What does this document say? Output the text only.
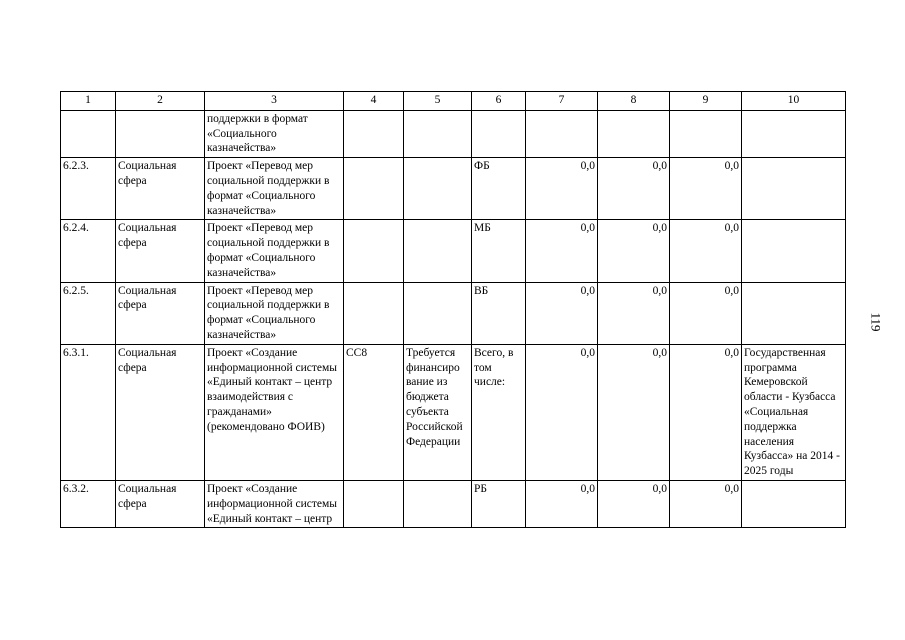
1	2	3	4	5	6	7	8	9	10
		поддержки в формат «Социального казначейства»							
6.2.3.	Социальная сфера	Проект «Перевод мер социальной поддержки в формат «Социального казначейства»			ФБ	0,0	0,0	0,0	
6.2.4.	Социальная сфера	Проект «Перевод мер социальной поддержки в формат «Социального казначейства»			МБ	0,0	0,0	0,0	
6.2.5.	Социальная сфера	Проект «Перевод мер социальной поддержки в формат «Социального казначейства»			ВБ	0,0	0,0	0,0	
6.3.1.	Социальная сфера	Проект «Создание информационной системы «Единый контакт – центр взаимодействия с гражданами» (рекомендовано ФОИВ)	СС8	Требуется финансиро вание из бюджета субъекта Российской Федерации	Всего, в том числе:	0,0	0,0	0,0	Государственная программа Кемеровской области - Кузбасса «Социальная поддержка населения Кузбасса» на 2014 - 2025 годы
6.3.2.	Социальная сфера	Проект «Создание информационной системы «Единый контакт – центр			РБ	0,0	0,0	0,0	
119
